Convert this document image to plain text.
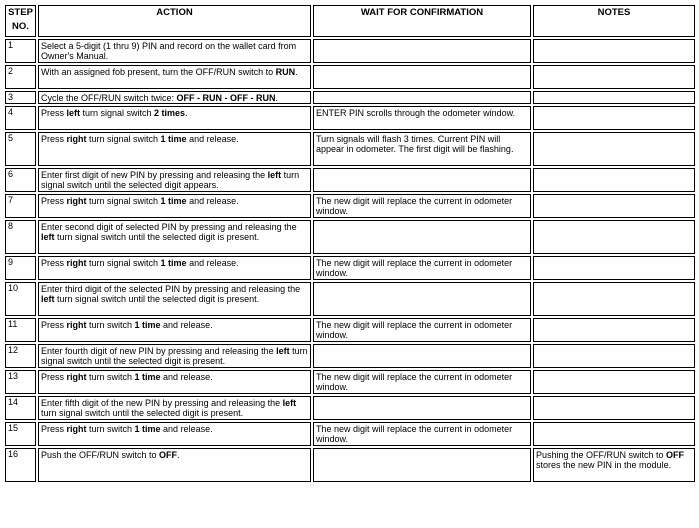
STEP
NO.	ACTION	WAIT FOR CONFIRMATION	NOTES
1	Select a 5-digit (1 thru 9) PIN and record on the wallet card from Owner's Manual.		
2	With an assigned fob present, turn the OFF/RUN switch to RUN.		
3	Cycle the OFF/RUN switch twice: OFF - RUN - OFF - RUN.		
4	Press left turn signal switch 2 times.	ENTER PIN scrolls through the odometer window.	
5	Press right turn signal switch 1 time and release.	Turn signals will flash 3 times. Current PIN will appear in odometer. The first digit will be flashing.	
6	Enter first digit of new PIN by pressing and releasing the left turn signal switch until the selected digit appears.		
7	Press right turn signal switch 1 time and release.	The new digit will replace the current in odometer window.	
8	Enter second digit of selected PIN by pressing and releasing the left turn signal switch until the selected digit is present.		
9	Press right turn signal switch 1 time and release.	The new digit will replace the current in odometer window.	
10	Enter third digit of the selected PIN by pressing and releasing the left turn signal switch until the selected digit is present.		
11	Press right turn switch 1 time and release.	The new digit will replace the current in odometer window.	
12	Enter fourth digit of new PIN by pressing and releasing the left turn signal switch until the selected digit is present.		
13	Press right turn switch 1 time and release.	The new digit will replace the current in odometer window.	
14	Enter fifth digit of the new PIN by pressing and releasing the left turn signal switch until the selected digit is present.		
15	Press right turn switch 1 time and release.	The new digit will replace the current in odometer window.	
16	Push the OFF/RUN switch to OFF.		Pushing the OFF/RUN switch to OFF stores the new PIN in the module.
